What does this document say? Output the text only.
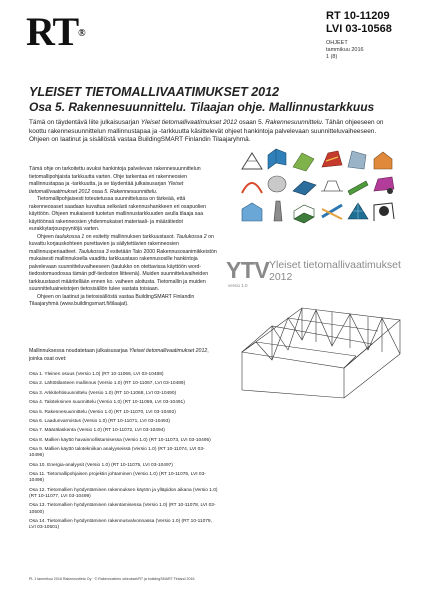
RT®
RT 10-11209
LVI 03-10568
OHJEET
tammikuu 2016
1 (8)
YLEISET TIETOMALLIVAATIMUKSET 2012
Osa 5. Rakennesuunnittelu. Tilaajan ohje. Mallinnustarkkuus
Tämä on täydentävä liite julkaisusarjan Yleiset tietomallivaatimukset 2012 osaan 5. Rakennesuunnittelu. Tähän ohjeeseen on koottu rakennesuunnittelun mallinnustapaa ja -tarkkuutta käsittelevät ohjeet hankintoja palvelevaan suunnitteluvaiheeseen. Ohjeen on laatinut ja sisällöstä vastaa BuildingSMART Finlandin Tilaajaryhmä.

Tämä ohje on tarkoitettu avuksi hankintoja palvelevan rakennesuunnittelun tietomallipohjaista tarkkuutta varten. Ohje tarkentaa eri rakenneosien mallinnustapaa ja -tarkkuutta, ja se täydentää julkaisusarjan Yleiset tietomallivaatimukset 2012 osaa 5. Rakennesuunnittelu.

Tietomallipohjaisesti toteutetussa suunnittelussa on tärkeää, että rakenneosaset saadaan kuvattua selkeästi rakennushankkeen eri osapuolien käyttöön. Ohjeen mukaisesti tuotetun mallinnustarkkuuden avulla tilaaja saa käyttöönsä rakenneosien yhdenmukaiset materiaali- ja määrätiedot eurakkytarjouspyyntöjä varten.

Ohjeen taulukossa 1 on esitetty mallinnuksen tarkkuustasot. Taulukossa 2 on kuvattu korjauskohteen purettavien ja säilytettävien rakenneosien mallinnusperiaatteet. Taulukossa 3 esitetään Talo 2000 Rakennusosanimikkeistön mukaisesti mallinnuksella vaadittu tarkkuustaso rakennusosille hankintoja palvelevaan suunnitteluvaiheeseen (taulukko on otettavissa käyttöön word-tiedostomuodossa tämän pdf-tiedoston liitteenä). Muiden suunnitteluvaiheiden tarkkuustasot määritellään ennen ko. vaiheen aloitusta. Tietomallin ja muiden suunnitteluaineistojen tietosisällön tulee vastata toisiaan.

Ohjeen on laatinut ja tietosisällöstä vastaa BuildingSMART Finlandin Tilaajaryhmä (www.buildingsmart.fi/tilaajat).

Mallinnuksessa noudatetaan julkaisusarjaa Yleiset tietomallivaatimukset 2012, joinka osat ovet:

Osa 1. Yleinen osuus (Versio 1.0) (RT 10-11066, LVI 03-10488)
Osa 2. Lähtötilanteen mallinnus (Versio 1.0) (RT 10-11067, LVI 03-10489)
Osa 3. Arkkitehtisuunnittelu (Versio 1.0) (RT 10-11068, LVI 03-10490)
Osa 4. Talotekninen suunnittelu (Versio 1.0) (RT 10-11069, LVI 03-10491)
Osa 5. Rakennesuunnittelu (Versio 1.0) (RT 10-11070, LVI 03-10492)
Osa 6. Laadunvarmistus (Versio 1.0) (RT 10-11071, LVI 03-10493)
Osa 7. Määrälaskenta (Versio 1.0) (RT 10-11072, LVI 03-10494)
Osa 8. Mallien käyttö havainnollistamisessa (Versio 1.0) (RT 10-11073, LVI 03-10495)
Osa 9. Mallien käyttö talotekniikan analyyseissä (Versio 1.0) (RT 10-11074, LVI 03-10496)
Osa 10. Energia-analyysit (Versio 1.0) (RT 10-11075, LVI 03-10497)
Osa 11. Tietomallipohjaisen projektin johtaminen (Versio 1.0) (RT 10-11076, LVI 03-10498)
Osa 12. Tietomallien hyödyntäminen rakennuksen käytön ja ylläpidon aikana (Versio 1.0) (RT 10-11077, LVI 03-10499)
Osa 13. Tietomallien hyödyntäminen rakentamisessa (Versio 1.0) (RT 10-11078, LVI 03-10500)
Osa 14. Tietomallien hyödyntäminen rakennusvalvonnassa (Versio 1.0) (RT 10-11079, LVI 03-10501)
YTV
versio 1.0
Yleiset tietomallivaatimukset
2012
PL 1 tammikuu 2016 Rakennustieto Oy · © Rakennustieto oikeukset/RT ja buildingSMART Finland 2016
